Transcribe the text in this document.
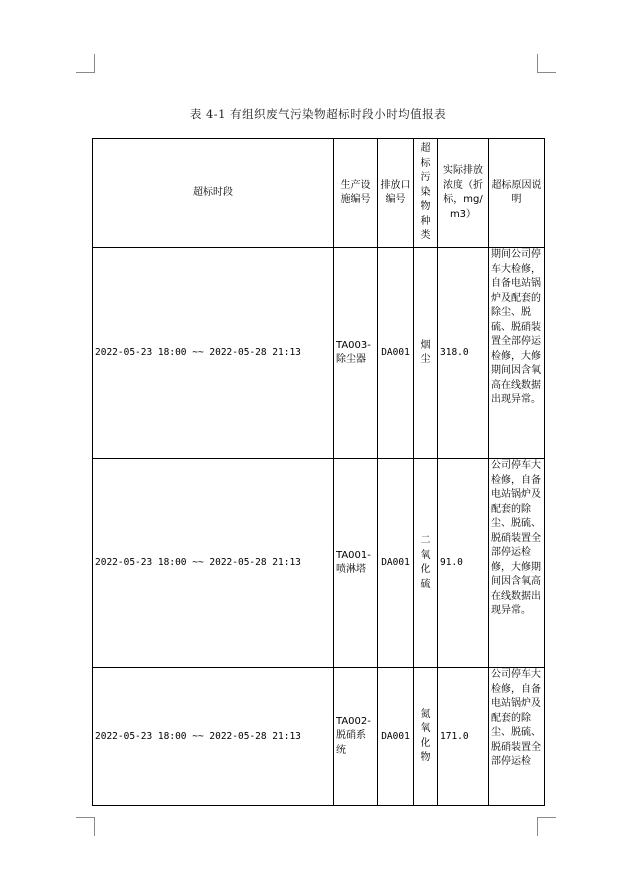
表 4-1 有组织废气污染物超标时段小时均值报表
超标时段	生产设施编号	排放口编号	超标污染物种类	实际排放浓度（折标，mg/m3）	超标原因说明
2022-05-23 18:00 ~~ 2022-05-28 21:13	TA003-除尘器	DA001	烟尘	318.0	期间公司停车大检修，自备电站锅炉及配套的除尘、脱硫、脱硝装置全部停运检修，大修期间因含氧高在线数据出现异常。
2022-05-23 18:00 ~~ 2022-05-28 21:13	TA001-喷淋塔	DA001	二氧化硫	91.0	公司停车大检修，自备电站锅炉及配套的除尘、脱硫、脱硝装置全部停运检修，大修期间因含氧高在线数据出现异常。
2022-05-23 18:00 ~~ 2022-05-28 21:13	TA002-脱硝系统	DA001	氮氧化物	171.0	公司停车大检修，自备电站锅炉及配套的除尘、脱硫、脱硝装置全部停运检
